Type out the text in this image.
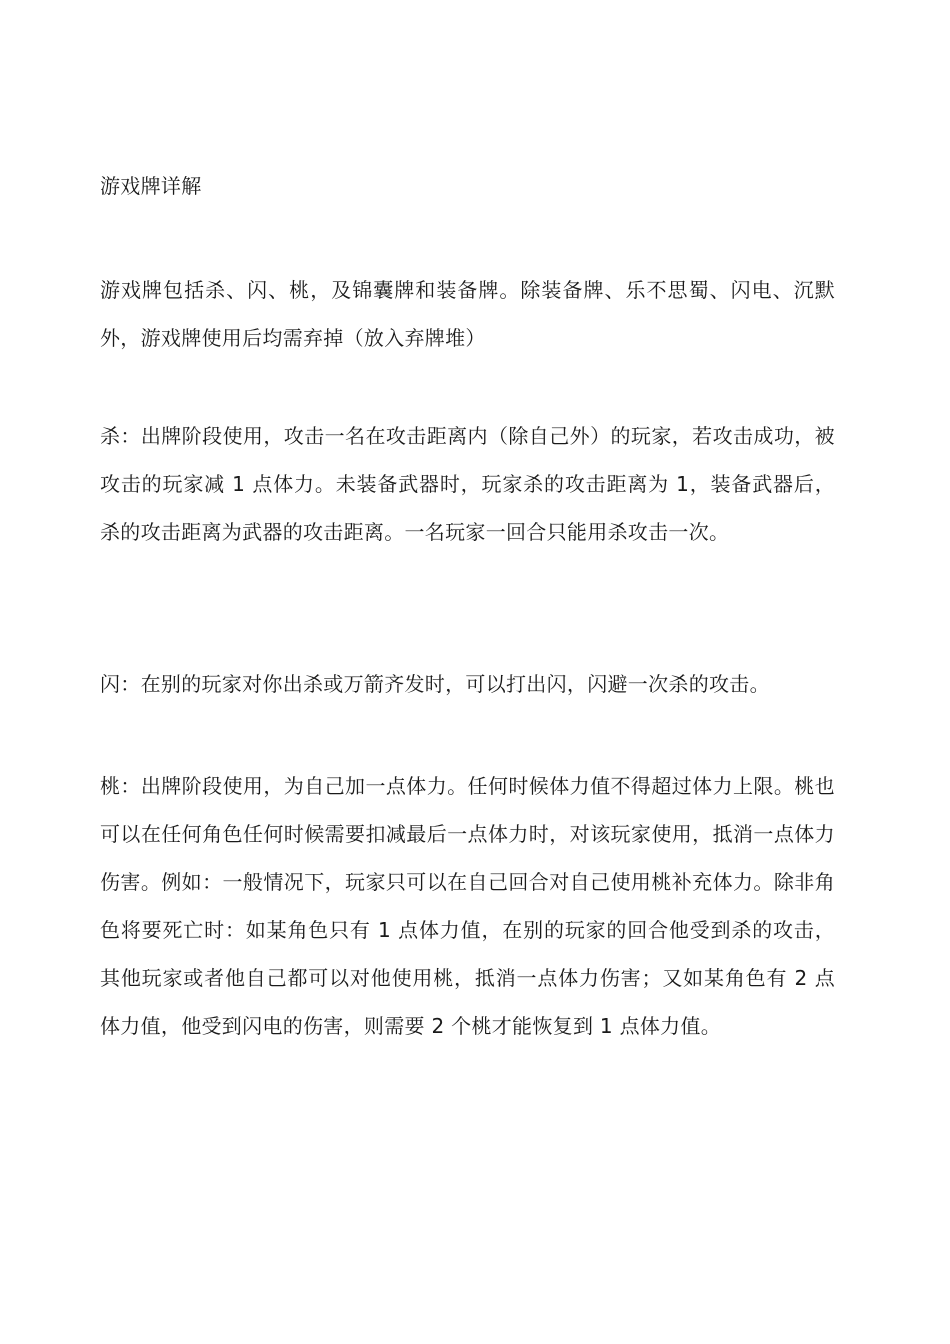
游戏牌详解

游戏牌包括杀、闪、桃，及锦囊牌和装备牌。除装备牌、乐不思蜀、闪电、沉默外，游戏牌使用后均需弃掉（放入弃牌堆）

杀：出牌阶段使用，攻击一名在攻击距离内（除自己外）的玩家，若攻击成功，被攻击的玩家减 1 点体力。未装备武器时，玩家杀的攻击距离为 1，装备武器后，杀的攻击距离为武器的攻击距离。一名玩家一回合只能用杀攻击一次。

闪：在别的玩家对你出杀或万箭齐发时，可以打出闪，闪避一次杀的攻击。

桃：出牌阶段使用，为自己加一点体力。任何时候体力值不得超过体力上限。桃也可以在任何角色任何时候需要扣减最后一点体力时，对该玩家使用，抵消一点体力伤害。例如：一般情况下，玩家只可以在自己回合对自己使用桃补充体力。除非角色将要死亡时：如某角色只有 1 点体力值，在别的玩家的回合他受到杀的攻击，其他玩家或者他自己都可以对他使用桃，抵消一点体力伤害；又如某角色有 2 点体力值，他受到闪电的伤害，则需要 2 个桃才能恢复到 1 点体力值。
